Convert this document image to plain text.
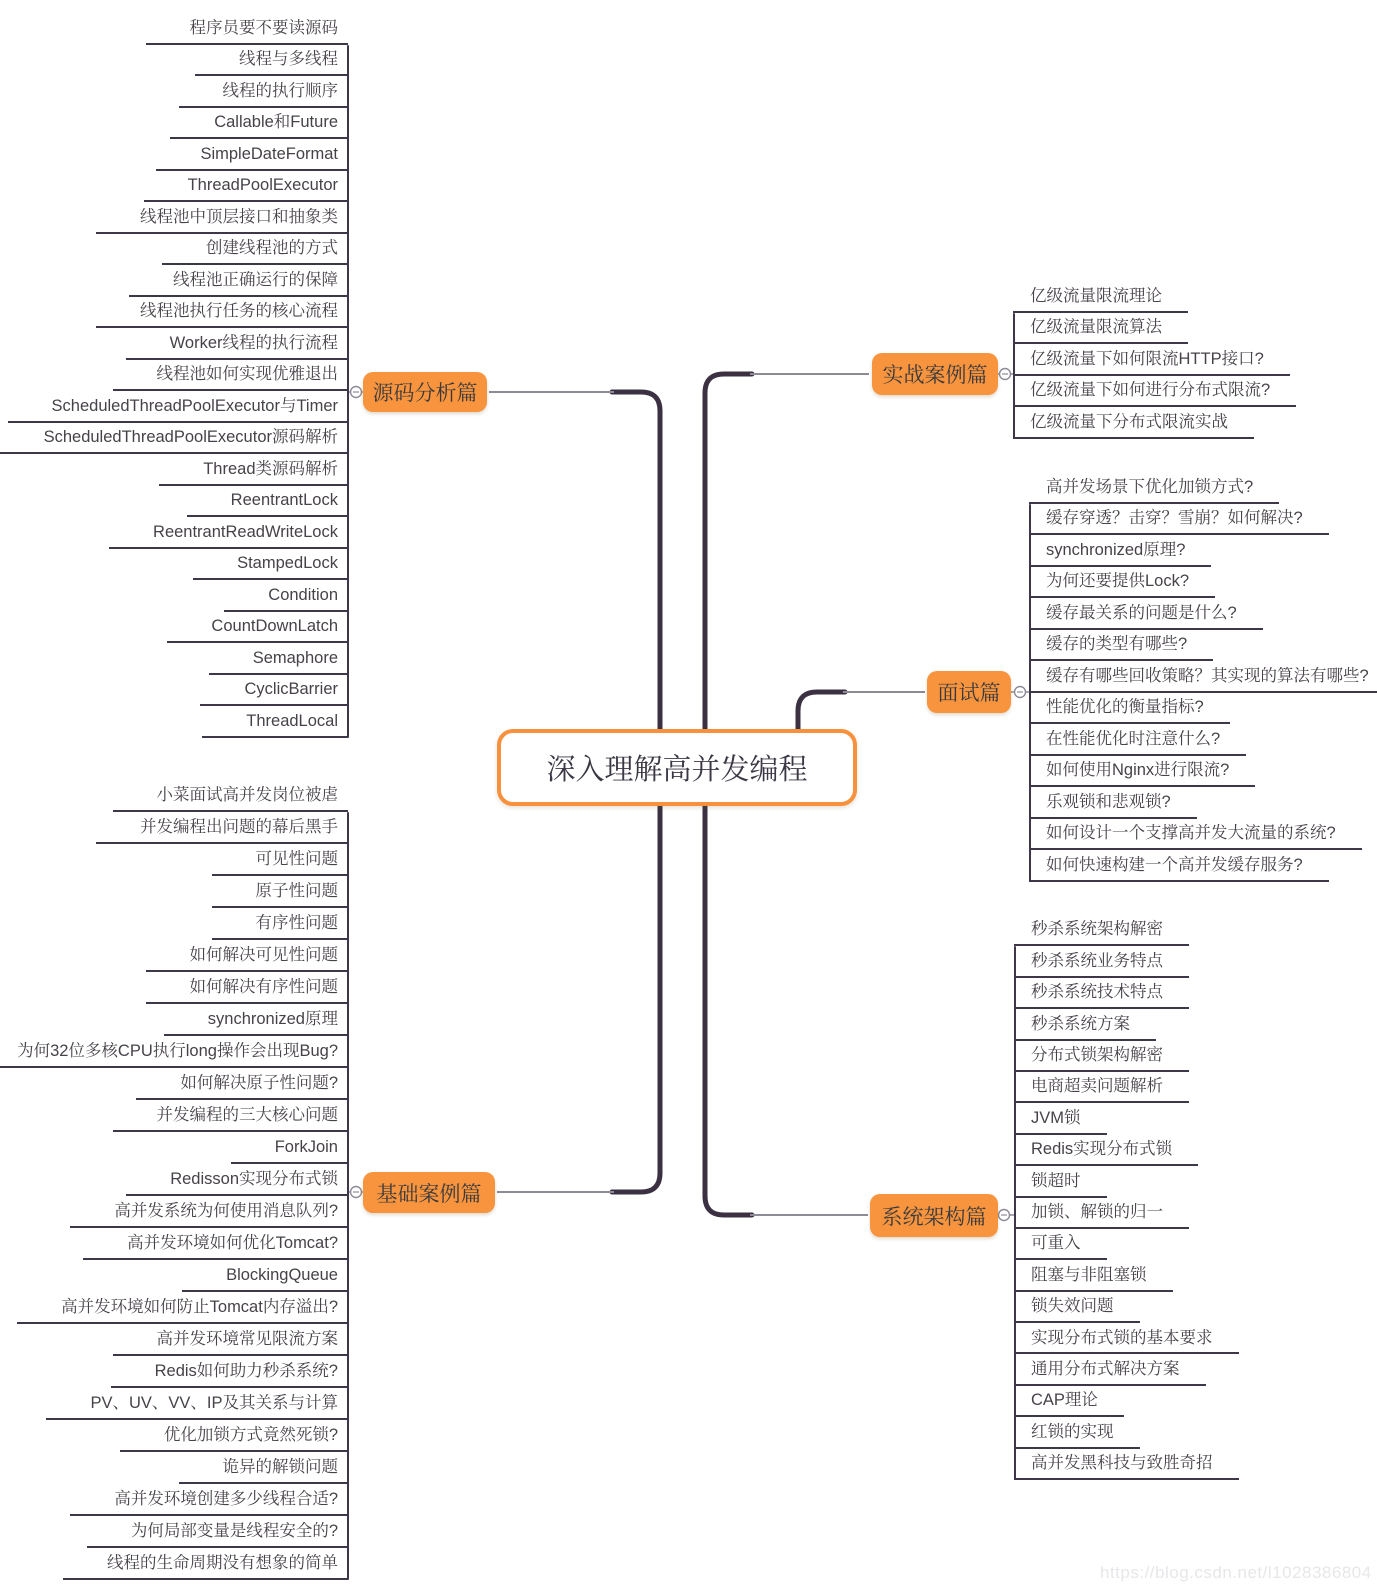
深入理解高并发编程
源码分析篇
基础案例篇
实战案例篇
面试篇
系统架构篇
程序员要不要读源码
线程与多线程
线程的执行顺序
Callable和Future
SimpleDateFormat
ThreadPoolExecutor
线程池中顶层接口和抽象类
创建线程池的方式
线程池正确运行的保障
线程池执行任务的核心流程
Worker线程的执行流程
线程池如何实现优雅退出
ScheduledThreadPoolExecutor与Timer
ScheduledThreadPoolExecutor源码解析
Thread类源码解析
ReentrantLock
ReentrantReadWriteLock
StampedLock
Condition
CountDownLatch
Semaphore
CyclicBarrier
ThreadLocal
小菜面试高并发岗位被虐
并发编程出问题的幕后黑手
可见性问题
原子性问题
有序性问题
如何解决可见性问题
如何解决有序性问题
synchronized原理
为何32位多核CPU执行long操作会出现Bug?
如何解决原子性问题?
并发编程的三大核心问题
ForkJoin
Redisson实现分布式锁
高并发系统为何使用消息队列?
高并发环境如何优化Tomcat?
BlockingQueue
高并发环境如何防止Tomcat内存溢出?
高并发环境常见限流方案
Redis如何助力秒杀系统?
PV、UV、VV、IP及其关系与计算
优化加锁方式竟然死锁?
诡异的解锁问题
高并发环境创建多少线程合适?
为何局部变量是线程安全的?
线程的生命周期没有想象的简单
亿级流量限流理论
亿级流量限流算法
亿级流量下如何限流HTTP接口?
亿级流量下如何进行分布式限流?
亿级流量下分布式限流实战
高并发场景下优化加锁方式?
缓存穿透？击穿？雪崩？如何解决?
synchronized原理?
为何还要提供Lock?
缓存最关系的问题是什么?
缓存的类型有哪些?
缓存有哪些回收策略？其实现的算法有哪些?
性能优化的衡量指标?
在性能优化时注意什么?
如何使用Nginx进行限流?
乐观锁和悲观锁?
如何设计一个支撑高并发大流量的系统?
如何快速构建一个高并发缓存服务?
秒杀系统架构解密
秒杀系统业务特点
秒杀系统技术特点
秒杀系统方案
分布式锁架构解密
电商超卖问题解析
JVM锁
Redis实现分布式锁
锁超时
加锁、解锁的归一
可重入
阻塞与非阻塞锁
锁失效问题
实现分布式锁的基本要求
通用分布式解决方案
CAP理论
红锁的实现
高并发黑科技与致胜奇招
https://blog.csdn.net/l1028386804
